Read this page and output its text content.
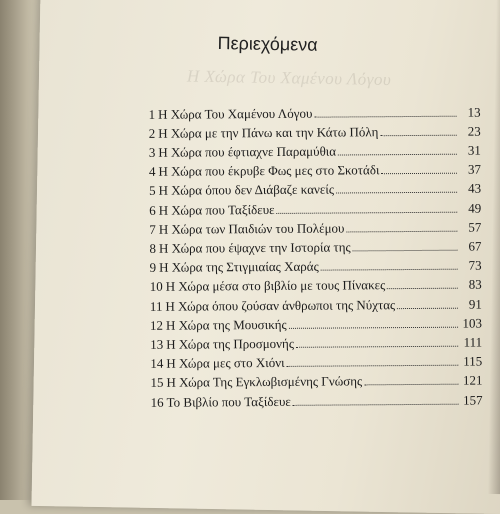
Η Χώρα Του Χαμένου Λόγου
Περιεχόμενα
1 Η Χώρα Του Χαμένου Λόγου	13
2 Η Χώρα με την Πάνω και την Κάτω Πόλη	23
3 Η Χώρα που έφτιαχνε Παραμύθια	31
4 Η Χώρα που έκρυβε Φως μες στο Σκοτάδι	37
5 Η Χώρα όπου δεν Διάβαζε κανείς	43
6 Η Χώρα που Ταξίδευε	49
7 Η Χώρα των Παιδιών του Πολέμου	57
8 Η Χώρα που έψαχνε την Ιστορία της	67
9 Η Χώρα της Στιγμιαίας Χαράς	73
10 Η Χώρα μέσα στο βιβλίο με τους Πίνακες	83
11 Η Χώρα όπου ζούσαν άνθρωποι της Νύχτας	91
12 Η Χώρα της Μουσικής	103
13 Η Χώρα της Προσμονής	111
14 Η Χώρα μες στο Χιόνι	115
15 Η Χώρα Της Εγκλωβισμένης Γνώσης	121
16 Το Βιβλίο που Ταξίδευε	157
